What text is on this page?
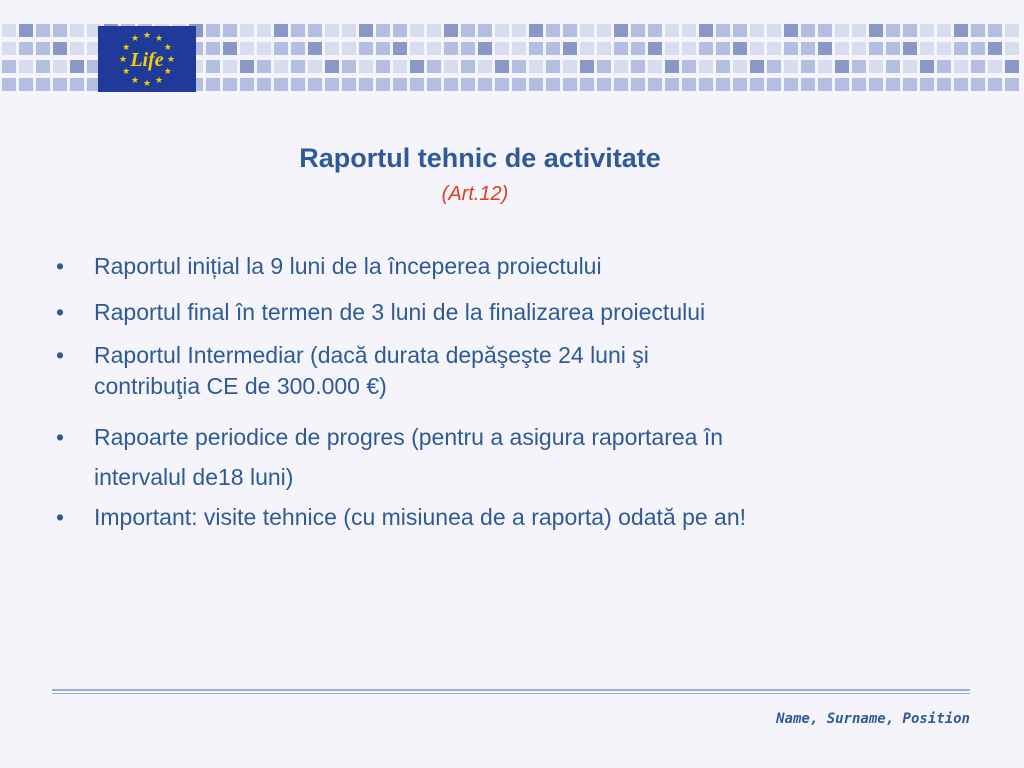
★
★
★
★
★
★
★
★
★ ★ ★
★
Life
Raportul tehnic de activitate
(Art.12)
• Raportul inițial la 9 luni de la începerea proiectului
• Raportul final în termen de 3 luni de la finalizarea proiectului
• Raportul Intermediar (dacă durata depăşeşte 24 luni şi
contribuţia CE de 300.000 €)
• Rapoarte periodice de progres (pentru a asigura raportarea în
intervalul de18 luni)
• Important: visite tehnice (cu misiunea de a raporta) odată pe an!
Name, Surname, Position
